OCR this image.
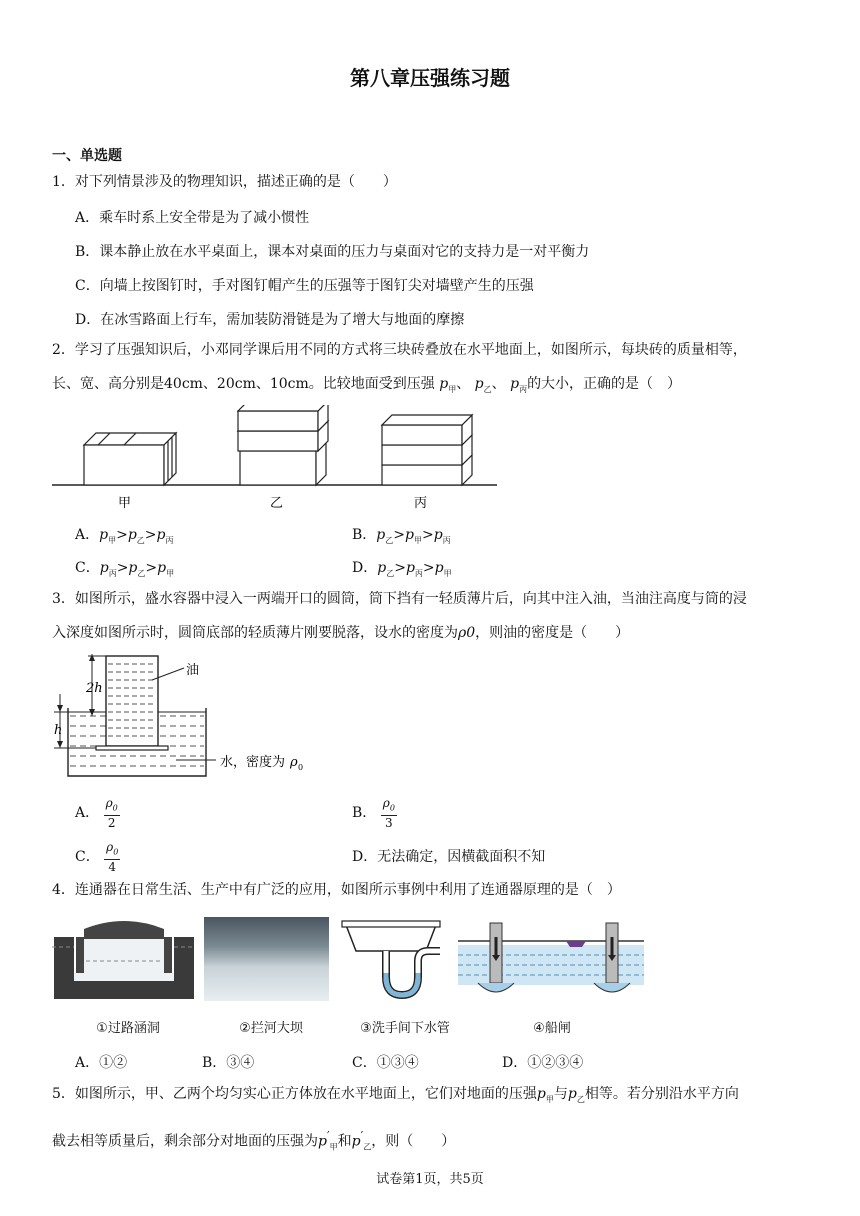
第八章压强练习题
一、单选题
1．对下列情景涉及的物理知识，描述正确的是（　　）
A．乘车时系上安全带是为了减小惯性
B．课本静止放在水平桌面上，课本对桌面的压力与桌面对它的支持力是一对平衡力
C．向墙上按图钉时，手对图钉帽产生的压强等于图钉尖对墙壁产生的压强
D．在冰雪路面上行车，需加装防滑链是为了增大与地面的摩擦
2．学习了压强知识后，小邓同学课后用不同的方式将三块砖叠放在水平地面上，如图所示，每块砖的质量相等，
长、宽、高分别是40cm、20cm、10cm。比较地面受到压强 $p_甲$、 $p_乙$、 $p_丙$的大小，正确的是（　）
甲	乙	丙
A．$p_甲>p_乙>p_丙$	B．$p_乙>p_甲>p_丙$
C．$p_丙>p_乙>p_甲$	D．$p_乙>p_丙>p_甲$
3．如图所示，盛水容器中浸入一两端开口的圆筒，筒下挡有一轻质薄片后，向其中注入油，当油注高度与筒的浸
入深度如图所示时，圆筒底部的轻质薄片刚要脱落，设水的密度为ρ0，则油的密度是（　　）
2h
h
油
水，密度为 ρ 0
A． $\frac{\rho_0}{2}$	B． $\frac{\rho_0}{3}$
C． $\frac{\rho_0}{4}$	D．无法确定，因横截面积不知
4．连通器在日常生活、生产中有广泛的应用，如图所示事例中利用了连通器原理的是（　）
①过路涵洞	②拦河大坝	③洗手间下水管	④船闸
A．①②	B．③④	C．①③④	D．①②③④
5．如图所示，甲、乙两个均匀实心正方体放在水平地面上，它们对地面的压强$p_甲$与$p_乙$相等。若分别沿水平方向
截去相等质量后，剩余部分对地面的压强为$p'_甲$和$p'_乙$，则（　　）
试卷第1页，共5页
